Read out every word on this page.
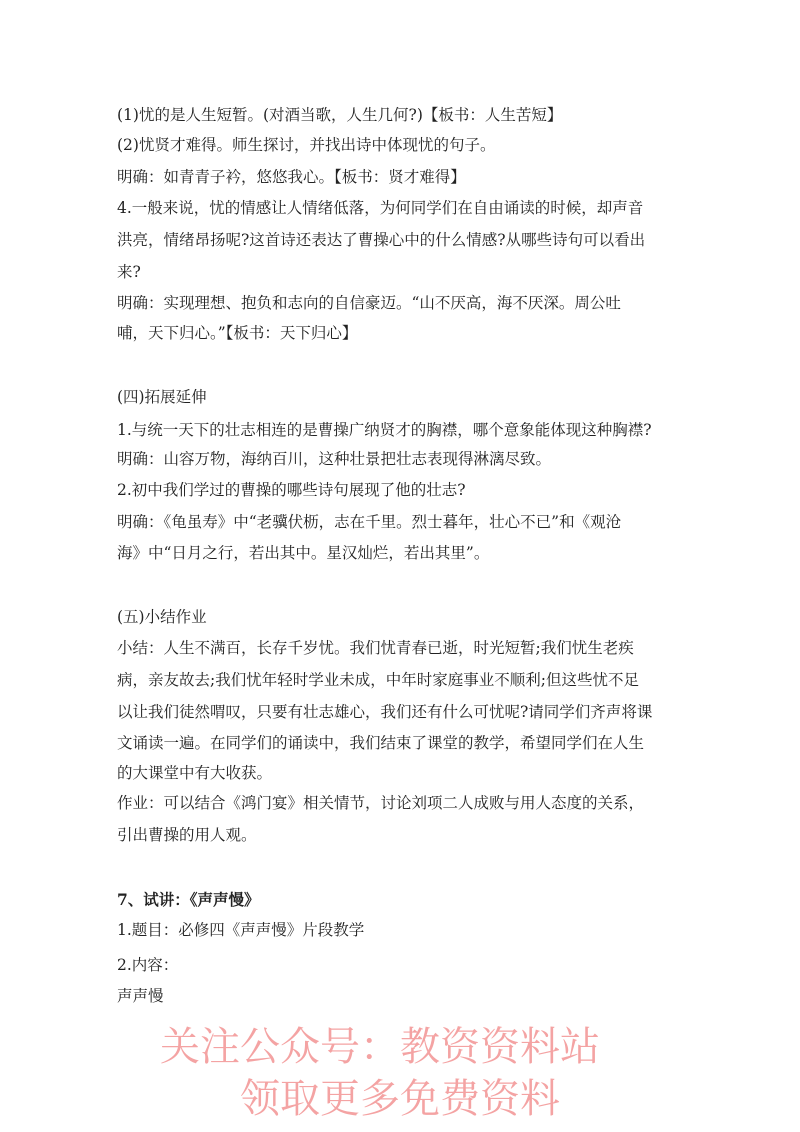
(1)忧的是人生短暂。(对酒当歌，人生几何?)【板书：人生苦短】
(2)忧贤才难得。师生探讨，并找出诗中体现忧的句子。
明确：如青青子衿，悠悠我心。【板书：贤才难得】
4.一般来说，忧的情感让人情绪低落，为何同学们在自由诵读的时候，却声音
洪亮，情绪昂扬呢?这首诗还表达了曹操心中的什么情感?从哪些诗句可以看出
来?
明确：实现理想、抱负和志向的自信豪迈。“山不厌高，海不厌深。周公吐
哺，天下归心。”【板书：天下归心】
(四)拓展延伸
1.与统一天下的壮志相连的是曹操广纳贤才的胸襟，哪个意象能体现这种胸襟?
明确：山容万物，海纳百川，这种壮景把壮志表现得淋漓尽致。
2.初中我们学过的曹操的哪些诗句展现了他的壮志?
明确：《龟虽寿》中“老骥伏枥，志在千里。烈士暮年，壮心不已”和《观沧
海》中“日月之行，若出其中。星汉灿烂，若出其里”。
(五)小结作业
小结：人生不满百，长存千岁忧。我们忧青春已逝，时光短暂;我们忧生老疾
病，亲友故去;我们忧年轻时学业未成，中年时家庭事业不顺利;但这些忧不足
以让我们徒然喟叹，只要有壮志雄心，我们还有什么可忧呢?请同学们齐声将课
文诵读一遍。在同学们的诵读中，我们结束了课堂的教学，希望同学们在人生
的大课堂中有大收获。
作业：可以结合《鸿门宴》相关情节，讨论刘项二人成败与用人态度的关系，
引出曹操的用人观。
7、试讲：《声声慢》
1.题目：必修四《声声慢》片段教学
2.内容：
声声慢
关注公众号：教资资料站
领取更多免费资料
